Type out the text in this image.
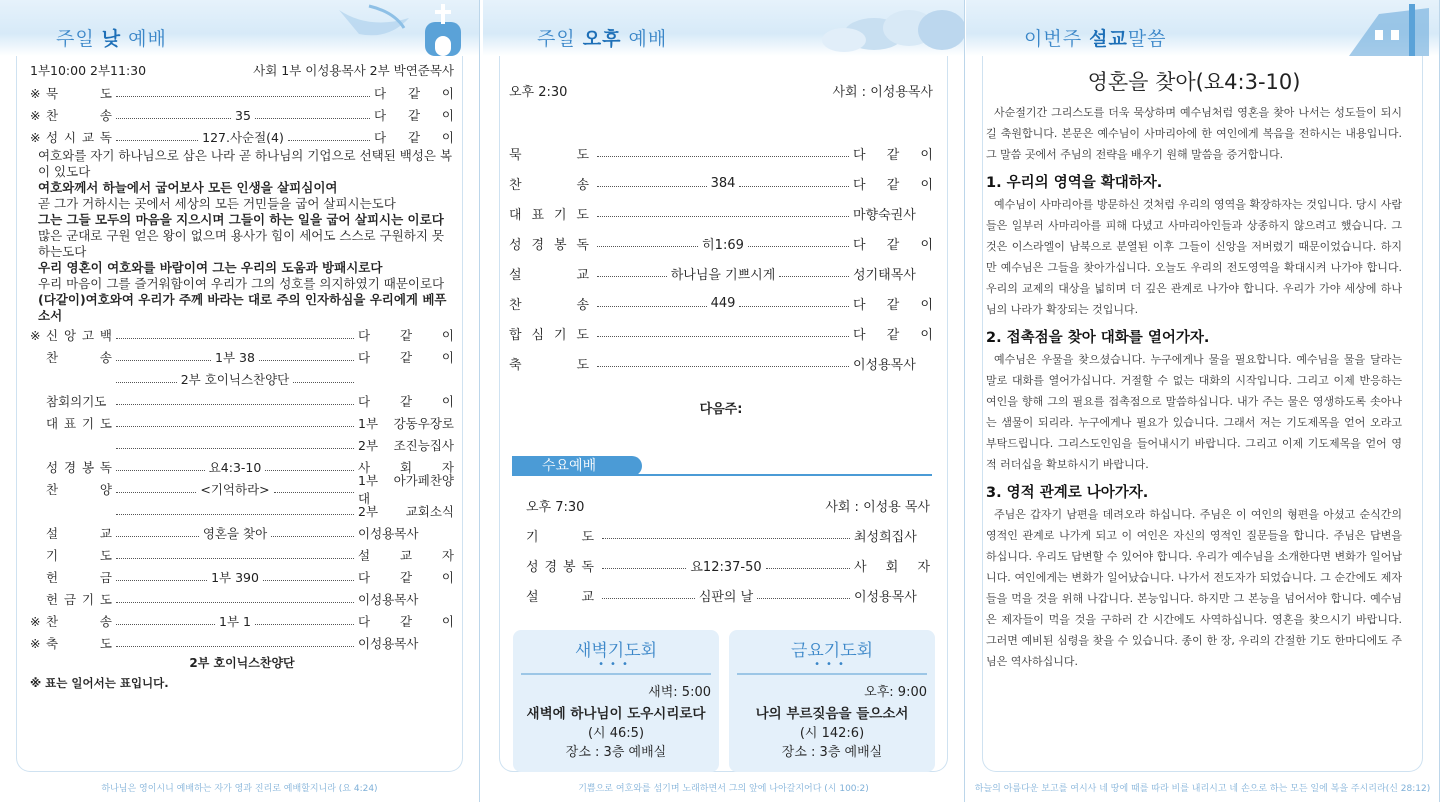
주일 낮 예배
1부10:00 2부11:30	사회 1부 이성용목사 2부 박연준목사
※ 묵 도	다 같 이
※ 찬 송	35	다 같 이
※ 성 시 교 독	127.사순절(4)	다 같 이
여호와를 자기 하나님으로 삼은 나라 곧 하나님의 기업으로 선택된 백성은 복이 있도다
여호와께서 하늘에서 굽어보사 모든 인생을 살피심이여
곧 그가 거하시는 곳에서 세상의 모든 거민들을 굽어 살피시는도다
그는 그들 모두의 마음을 지으시며 그들이 하는 일을 굽어 살피시는 이로다
많은 군대로 구원 얻은 왕이 없으며 용사가 힘이 세어도 스스로 구원하지 못하는도다
우리 영혼이 여호와를 바람이여 그는 우리의 도움과 방패시로다
우리 마음이 그를 즐거워함이여 우리가 그의 성호를 의지하였기 때문이로다
(다같이)여호와여 우리가 주께 바라는 대로 주의 인자하심을 우리에게 베푸소서
※ 신 앙 고 백	다 같 이
찬 송	1부 38	다 같 이
2부 호이닉스찬양단
참회의기도	다 같 이
대 표 기 도	1부 강동우장로
2부 조진능집사
성 경 봉 독	요4:3-10	사 회 자
찬 양	<기억하라>
1부 아가페찬양대
2부 교회소식
설 교	영혼을 찾아	이성용목사
기 도	설 교 자
헌 금	1부 390	다 같 이
헌 금 기 도	이성용목사
※ 찬 송	1부 1	다 같 이
※ 축 도	이성용목사
2부 호이닉스찬양단
※ 표는 일어서는 표입니다.
하나님은 영이시니 예배하는 자가 영과 진리로 예배할지니라 (요 4:24)
주일 오후 예배
오후 2:30	사회 : 이성용목사
묵 도	다 같 이
찬 송	384	다 같 이
대 표 기 도	마향숙권사
성 경 봉 독	히1:69	다 같 이
설 교	하나님을 기쁘시게	성기태목사
찬 송	449	다 같 이
합 심 기 도	다 같 이
축 도	이성용목사
다음주:
기쁨으로 여호와를 섬기며 노래하면서 그의 앞에 나아갈지어다 (시 100:2)
수요예배
오후 7:30	사회 : 이성용 목사
기 도	최성희집사
성 경 봉 독	요12:37-50	사 회 자
설 교	심판의 날	이성용목사
새벽기도회
•••
새벽: 5:00
새벽에 하나님이 도우시리로다
(시 46:5)
장소 : 3층 예배실
금요기도회
•••
오후: 9:00
나의 부르짖음을 들으소서
(시 142:6)
장소 : 3층 예배실
이번주 설교말씀
영혼을 찾아(요4:3-10)
사순절기간 그리스도를 더욱 묵상하며 예수님처럼 영혼을 찾아 나서는 성도들이 되시길 축원합니다. 본문은 예수님이 사마리아에 한 여인에게 복음을 전하시는 내용입니다. 그 말씀 곳에서 주님의 전략을 배우기 원해 말씀을 증거합니다.
1. 우리의 영역을 확대하자.
예수님이 사마리아를 방문하신 것처럼 우리의 영역을 확장하자는 것입니다. 당시 사람들은 일부러 사마리아를 피해 다녔고 사마리아인들과 상종하지 않으려고 했습니다. 그것은 이스라엘이 남북으로 분열된 이후 그들이 신앙을 저버렸기 때문이었습니다. 하지만 예수님은 그들을 찾아가십니다. 오늘도 우리의 전도영역을 확대시켜 나가야 합니다. 우리의 교제의 대상을 넓히며 더 깊은 관계로 나가야 합니다. 우리가 가야 세상에 하나님의 나라가 확장되는 것입니다.
2. 접촉점을 찾아 대화를 열어가자.
예수님은 우물을 찾으셨습니다. 누구에게나 물을 필요합니다. 예수님을 물을 달라는 말로 대화를 열어가십니다. 거절할 수 없는 대화의 시작입니다. 그리고 이제 반응하는 여인을 향해 그의 필요를 접촉점으로 말씀하십니다. 내가 주는 물은 영생하도록 솟아나는 샘물이 되리라. 누구에게나 필요가 있습니다. 그래서 저는 기도제목을 얻어 오라고 부탁드립니다. 그리스도인임을 들어내시기 바랍니다. 그리고 이제 기도제목을 얻어 영적 러더십을 확보하시기 바랍니다.
3. 영적 관계로 나아가자.
주님은 갑자기 남편을 데려오라 하십니다. 주님은 이 여인의 형편을 아셨고 순식간의 영적인 관계로 나가게 되고 이 여인은 자신의 영적인 질문들을 합니다. 주님은 답변을 하십니다. 우리도 답변할 수 있어야 합니다. 우리가 예수님을 소개한다면 변화가 일어납니다. 여인에게는 변화가 일어났습니다. 나가서 전도자가 되었습니다. 그 순간에도 제자들을 먹을 것을 위해 나갑니다. 본능입니다. 하지만 그 본능을 넘어서야 합니다. 예수님은 제자들이 먹을 것을 구하러 간 시간에도 사역하십니다. 영혼을 찾으시기 바랍니다. 그러면 예비된 심령을 찾을 수 있습니다. 종이 한 장, 우리의 간절한 기도 한마디에도 주님은 역사하십니다.
하늘의 아름다운 보고를 여시사 네 땅에 때를 따라 비를 내리시고 네 손으로 하는 모든 일에 복을 주시리라(신 28:12)
